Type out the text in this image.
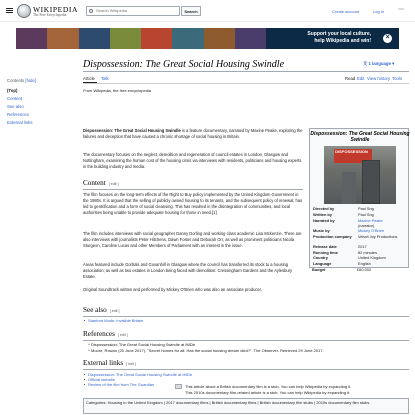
WIKIPEDIA
The Free Encyclopedia
Search Wikipedia
Search	Create account	Log in ⋯
Support your local culture,
help Wikipedia and win!	×
Contents [hide]
(Top)
Content
See also
References
External links
Dispossession: The Great Social Housing Swindle	文 1 language ▾
Article Talk	Read Edit View history Tools
From Wikipedia, the free encyclopedia
Dispossession: The Great Social Housing Swindle is a feature documentary, narrated by Maxine Peake, exploring the failures and deception that have caused a chronic shortage of social housing in Britain.
The documentary focuses on the neglect, demolition and regeneration of council estates in London, Glasgow and Nottingham, examining the human cost of the housing crisis via interviews with residents, politicians and housing experts in the building industry and media.
Content [ edit ]
The film focuses on the long-term effects of the Right to Buy policy implemented by the United Kingdom Government in the 1980s. It is argued that the selling of publicly owned housing to its tenants, and the subsequent policy of renewal, has led to gentrification and a form of social cleansing. This has resulted in the disintegration of communities, and local authorities being unable to provide adequate housing for those in need.[1]
The film includes interviews with social geographer Danny Dorling and working class academic Lisa Mckenzie. There are also interviews with journalists Peter Hitchens, Dawn Foster and Deborah Orr, as well as prominent politicians Nicola Sturgeon, Caroline Lucas and other Members of Parliament with an interest in the issue.
Areas featured include Gorbals and Govanhill in Glasgow where the council has transferred its stock to a housing association; as well as two estates in London being faced with demolition: Cressingham Gardens and the Aylesbury Estate.
Original Soundtrack written and performed by Mickey O'Brien who was also an associate producer.
Dispossession: The Great Social Housing Swindle
DISPOSSESSION
Directed by	Paul Sng
Written by	Paul Sng
Narrated by	Maxine Peake
(narrator)
Music by	Mickey O'Brien
Production company	Velvet Joy Productions
Release date	2017
Running time	82 minutes
Country	United Kingdom
Language	English
Budget	£60,000
See also [ edit ]
Stanford Mods: Invisible Britain
References [ edit ]
^ Dispossession: The Great Social Housing Swindle at IMDb
^ Moore, Rowan (25 June 2017). "Secret homes for all: Has the social housing dream died?". The Observer. Retrieved 29 June 2017.
External links [ edit ]
Dispossession: The Great Social Housing Swindle at IMDb
Official website
Review of the film from The Guardian	This article about a British documentary film is a stub. You can help Wikipedia by expanding it.
This 2010s documentary film-related article is a stub. You can help Wikipedia by expanding it.
Categories: Housing in the United Kingdom | 2017 documentary films | British documentary films | British documentary film stubs | 2010s documentary film stubs
